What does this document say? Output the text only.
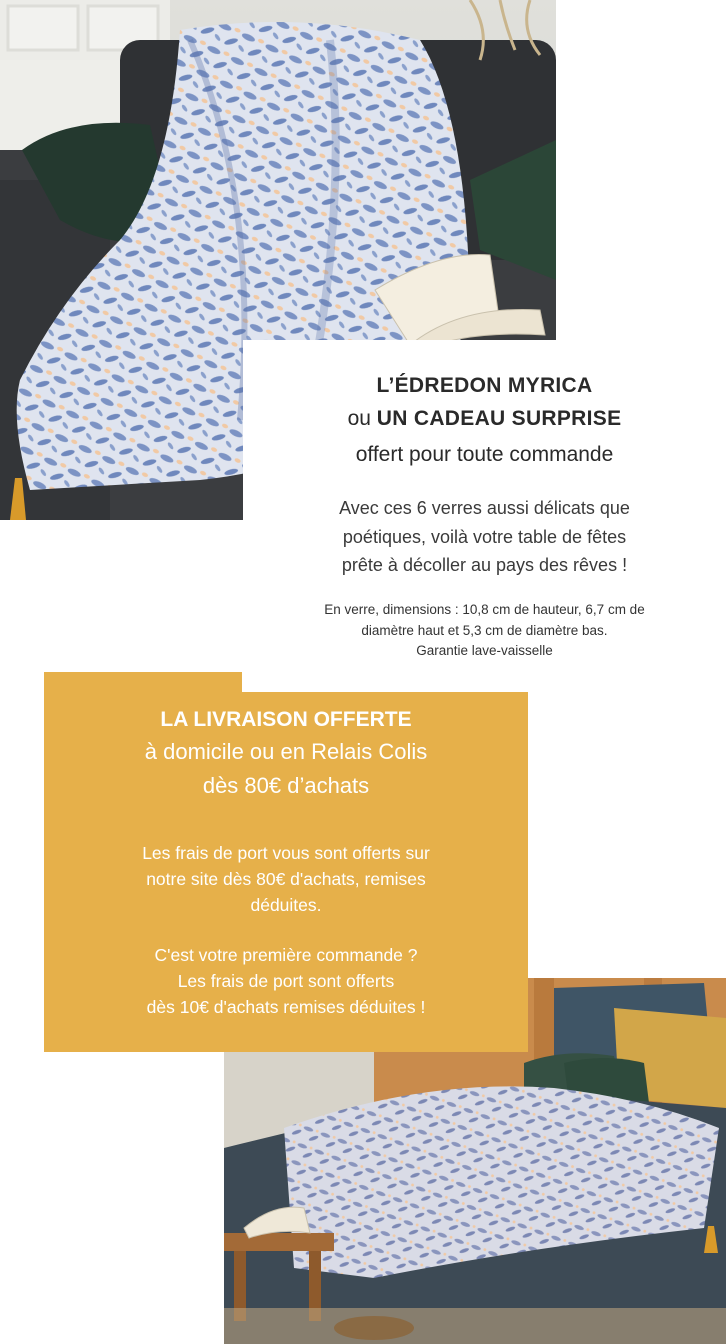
L’ÉDREDON MYRICA
ou UN CADEAU SURPRISE
offert pour toute commande
Avec ces 6 verres aussi délicats que
poétiques, voilà votre table de fêtes
prête à décoller au pays des rêves !
En verre, dimensions : 10,8 cm de hauteur, 6,7 cm de
diamètre haut et 5,3 cm de diamètre bas.
Garantie lave-vaisselle
LA LIVRAISON OFFERTE
à domicile ou en Relais Colis
dès 80€ d’achats
Les frais de port vous sont offerts sur
notre site dès 80€ d'achats, remises
déduites.
C'est votre première commande ?
Les frais de port sont offerts
dès 10€ d'achats remises déduites !
